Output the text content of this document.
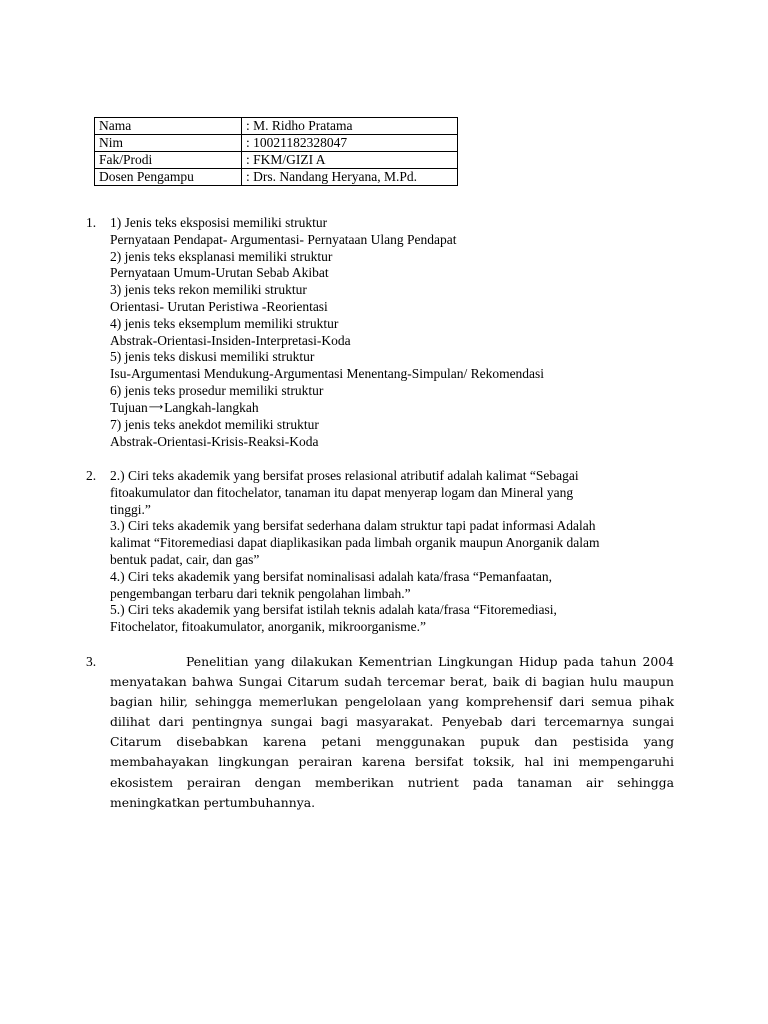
Nama	: M. Ridho Pratama
Nim	: 10021182328047
Fak/Prodi	: FKM/GIZI A
Dosen Pengampu	: Drs. Nandang Heryana, M.Pd.
1. 1) Jenis teks eksposisi memiliki struktur
Pernyataan Pendapat- Argumentasi- Pernyataan Ulang Pendapat
2) jenis teks eksplanasi memiliki struktur
Pernyataan Umum-Urutan Sebab Akibat
3) jenis teks rekon memiliki struktur
Orientasi- Urutan Peristiwa -Reorientasi
4) jenis teks eksemplum memiliki struktur
Abstrak-Orientasi-Insiden-Interpretasi-Koda
5) jenis teks diskusi memiliki struktur
Isu-Argumentasi Mendukung-Argumentasi Menentang-Simpulan/ Rekomendasi
6) jenis teks prosedur memiliki struktur
Tujuan⟶Langkah-langkah
7) jenis teks anekdot memiliki struktur
Abstrak-Orientasi-Krisis-Reaksi-Koda
2. 2.) Ciri teks akademik yang bersifat proses relasional atributif adalah kalimat “Sebagai
fitoakumulator dan fitochelator, tanaman itu dapat menyerap logam dan Mineral yang
tinggi.”
3.) Ciri teks akademik yang bersifat sederhana dalam struktur tapi padat informasi Adalah
kalimat “Fitoremediasi dapat diaplikasikan pada limbah organik maupun Anorganik dalam
bentuk padat, cair, dan gas”
4.) Ciri teks akademik yang bersifat nominalisasi adalah kata/frasa “Pemanfaatan,
pengembangan terbaru dari teknik pengolahan limbah.”
5.) Ciri teks akademik yang bersifat istilah teknis adalah kata/frasa “Fitoremediasi,
Fitochelator, fitoakumulator, anorganik, mikroorganisme.”
3.	Penelitian yang dilakukan Kementrian Lingkungan Hidup pada tahun 2004 menyatakan bahwa Sungai Citarum sudah tercemar berat, baik di bagian hulu maupun bagian hilir, sehingga memerlukan pengelolaan yang komprehensif dari semua pihak dilihat dari pentingnya sungai bagi masyarakat. Penyebab dari tercemarnya sungai Citarum disebabkan karena petani menggunakan pupuk dan pestisida yang membahayakan lingkungan perairan karena bersifat toksik, hal ini mempengaruhi ekosistem perairan dengan memberikan nutrient pada tanaman air sehingga meningkatkan pertumbuhannya.
